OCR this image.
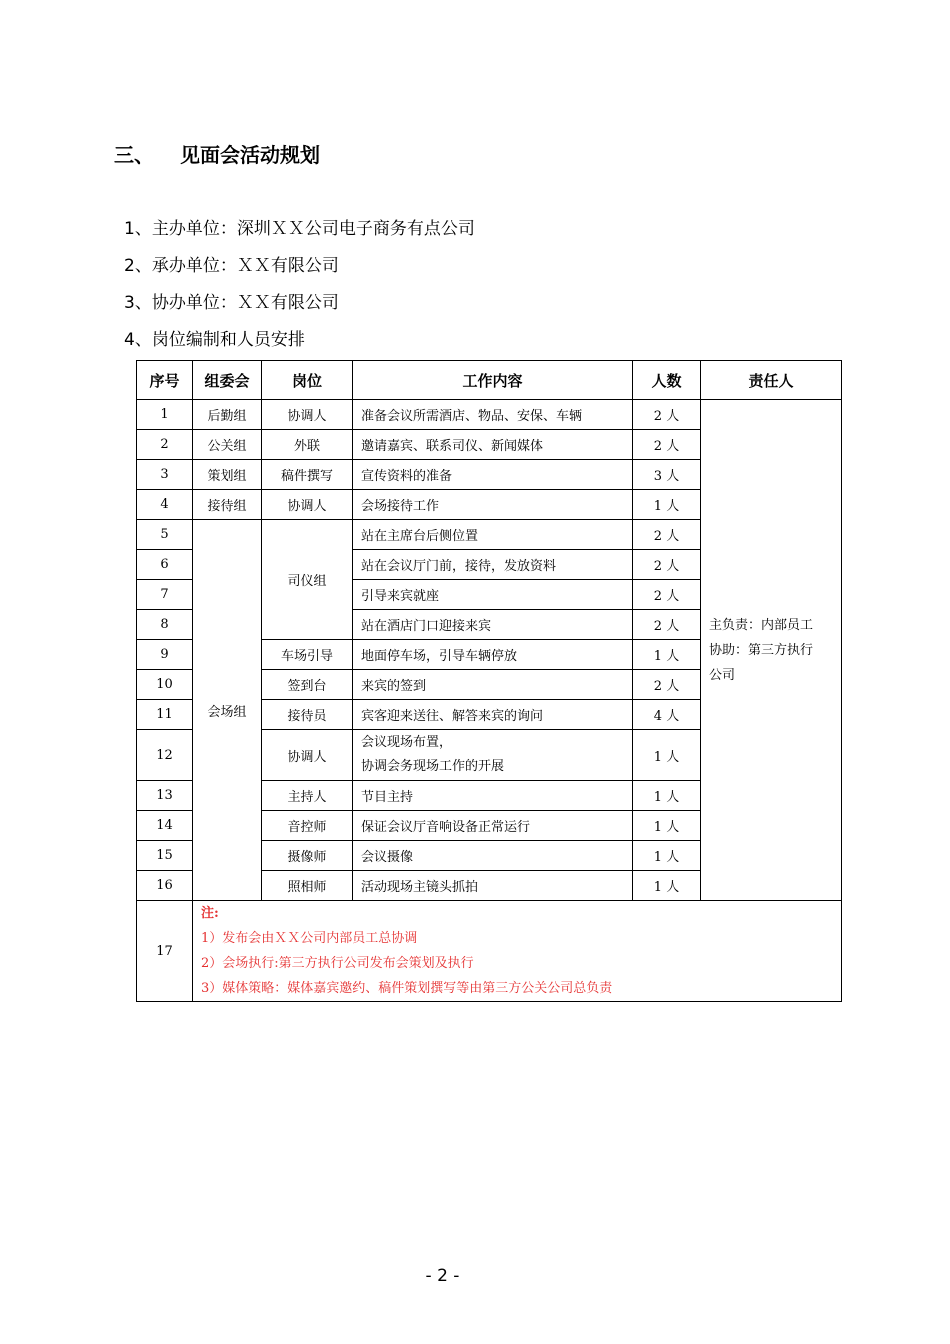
三、 见面会活动规划
1、主办单位：深圳ＸＸ公司电子商务有点公司
2、承办单位：ＸＸ有限公司
3、协办单位：ＸＸ有限公司
4、岗位编制和人员安排
序号	组委会	岗位	工作内容	人数	责任人
1	后勤组	协调人	准备会议所需酒店、物品、安保、车辆	2 人	主负责：内部员工
协助：第三方执行
公司

2	公关组	外联	邀请嘉宾、联系司仪、新闻媒体	2 人	
3	策划组	稿件撰写	宣传资料的准备	3 人	
4	接待组	协调人	会场接待工作	1 人	
5	会场组	司仪组	站在主席台后侧位置	2 人	
6			站在会议厅门前，接待，发放资料	2 人	
7			引导来宾就座	2 人	
8			站在酒店门口迎接来宾	2 人	
9		车场引导	地面停车场，引导车辆停放	1 人	
10		签到台	来宾的签到	2 人	
11		接待员	宾客迎来送往、解答来宾的询问	4 人	
12		协调人	会议现场布置，
协调会务现场工作的开展	1 人	
13		主持人	节目主持	1 人	
14		音控师	保证会议厅音响设备正常运行	1 人	
15		摄像师	会议摄像	1 人	
16		照相师	活动现场主镜头抓拍	1 人	
17	注:
1）发布会由ＸＸ公司内部员工总协调
2）会场执行:第三方执行公司发布会策划及执行
3）媒体策略：媒体嘉宾邀约、稿件策划撰写等由第三方公关公司总负责				
- 2 -
